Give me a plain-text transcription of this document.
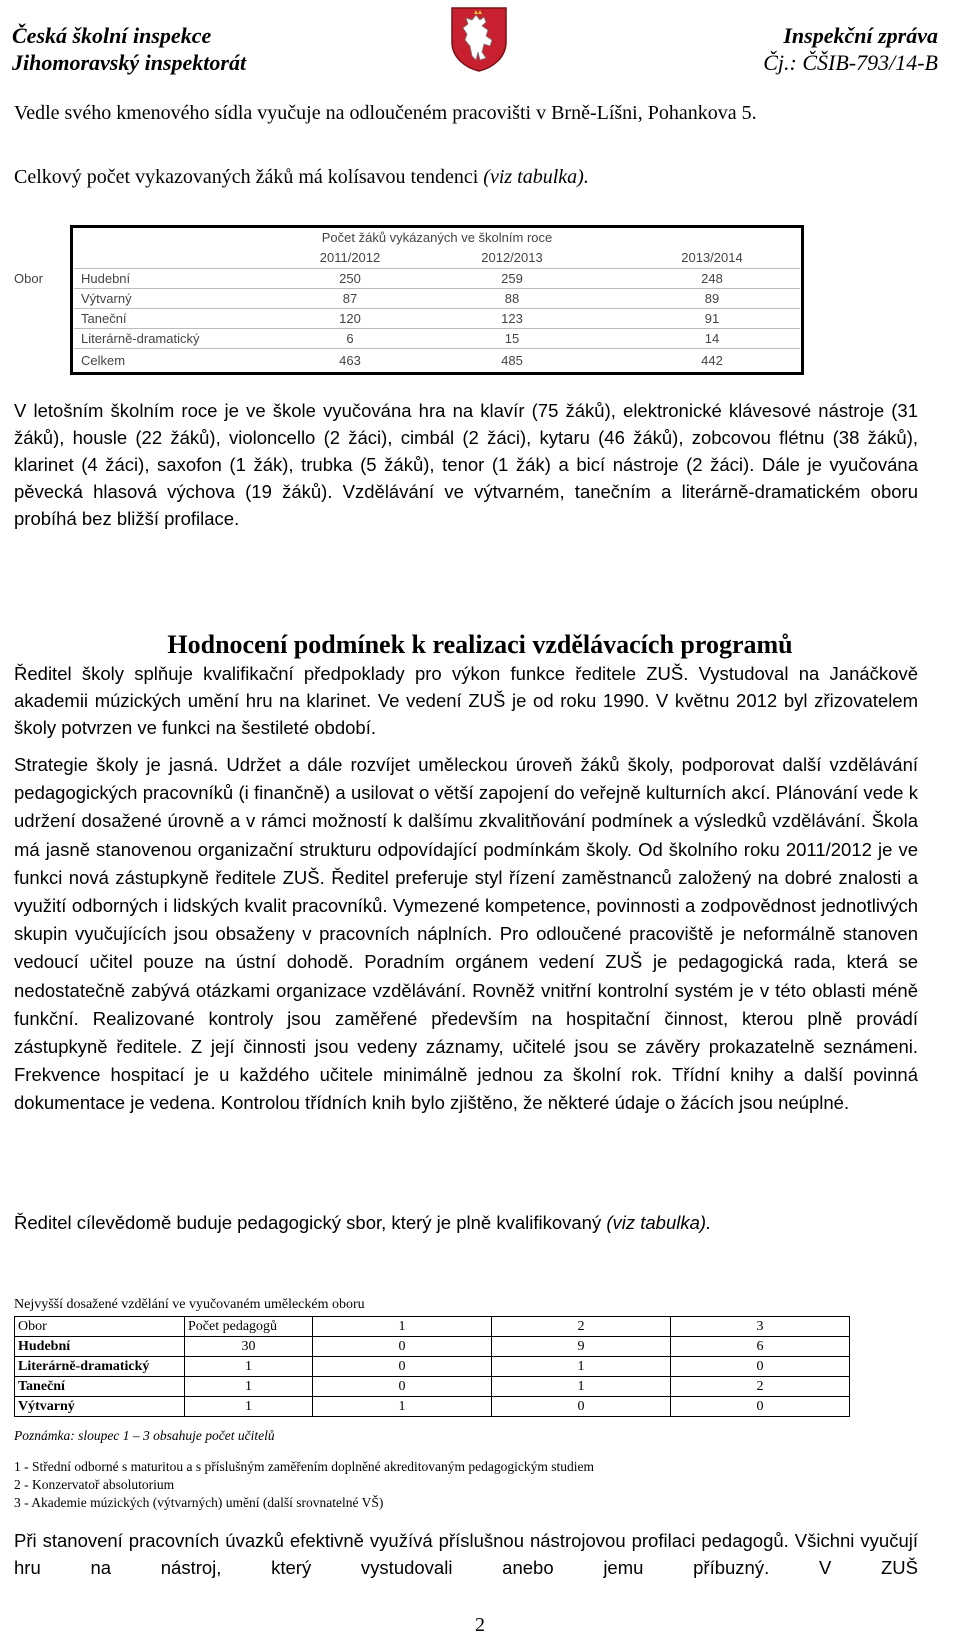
Česká školní inspekce
Jihomoravský inspektorát
Inspekční zpráva
Čj.: ČŠIB-793/14-B
Vedle svého kmenového sídla vyučuje na odloučeném pracovišti v Brně-Líšni, Pohankova 5.
Celkový počet vykazovaných žáků má kolísavou tendenci (viz tabulka).
Počet žáků vykázaných ve školním roce
2011/2012	2012/2013	2013/2014
Obor	Hudební	250	259	248
Výtvarný	87	88	89
Taneční	120	123	91
Literárně-dramatický	6	15	14
Celkem	463	485	442
V letošním školním roce je ve škole vyučována hra na klavír (75 žáků), elektronické klávesové nástroje (31 žáků), housle (22 žáků), violoncello (2 žáci), cimbál (2 žáci), kytaru (46 žáků), zobcovou flétnu (38 žáků), klarinet (4 žáci), saxofon (1 žák), trubka (5 žáků), tenor (1 žák) a bicí nástroje (2 žáci). Dále je vyučována pěvecká hlasová výchova (19 žáků). Vzdělávání ve výtvarném, tanečním a literárně-dramatickém oboru probíhá bez bližší profilace.
Hodnocení podmínek k realizaci vzdělávacích programů
Ředitel školy splňuje kvalifikační předpoklady pro výkon funkce ředitele ZUŠ. Vystudoval na Janáčkově akademii múzických umění hru na klarinet. Ve vedení ZUŠ je od roku 1990. V květnu 2012 byl zřizovatelem školy potvrzen ve funkci na šestileté období.
Strategie školy je jasná. Udržet a dále rozvíjet uměleckou úroveň žáků školy, podporovat další vzdělávání pedagogických pracovníků (i finančně) a usilovat o větší zapojení do veřejně kulturních akcí. Plánování vede k udržení dosažené úrovně a v rámci možností k dalšímu zkvalitňování podmínek a výsledků vzdělávání. Škola má jasně stanovenou organizační strukturu odpovídající podmínkám školy. Od školního roku 2011/2012 je ve funkci nová zástupkyně ředitele ZUŠ. Ředitel preferuje styl řízení zaměstnanců založený na dobré znalosti a využití odborných i lidských kvalit pracovníků. Vymezené kompetence, povinnosti a zodpovědnost jednotlivých skupin vyučujících jsou obsaženy v pracovních náplních. Pro odloučené pracoviště je neformálně stanoven vedoucí učitel pouze na ústní dohodě. Poradním orgánem vedení ZUŠ je pedagogická rada, která se nedostatečně zabývá otázkami organizace vzdělávání. Rovněž vnitřní kontrolní systém je v této oblasti méně funkční. Realizované kontroly jsou zaměřené především na hospitační činnost, kterou plně provádí zástupkyně ředitele. Z její činnosti jsou vedeny záznamy, učitelé jsou se závěry prokazatelně seznámeni. Frekvence hospitací je u každého učitele minimálně jednou za školní rok. Třídní knihy a další povinná dokumentace je vedena. Kontrolou třídních knih bylo zjištěno, že některé údaje o žácích jsou neúplné.
Ředitel cílevědomě buduje pedagogický sbor, který je plně kvalifikovaný (viz tabulka).
Nejvyšší dosažené vzdělání ve vyučovaném uměleckém oboru
Obor	Počet pedagogů	1	2	3
Hudební	30	0	9	6
Literárně-dramatický	1	0	1	0
Taneční	1	0	1	2
Výtvarný	1	1	0	0
Poznámka: sloupec 1 – 3 obsahuje počet učitelů
1 - Střední odborné s maturitou a s příslušným zaměřením doplněné akreditovaným pedagogickým studiem
2 - Konzervatoř absolutorium
3 - Akademie múzických (výtvarných) umění (další srovnatelné VŠ)
Při stanovení pracovních úvazků efektivně využívá příslušnou nástrojovou profilaci pedagogů. Všichni vyučují hru na nástroj, který vystudovali anebo jemu příbuzný. V ZUŠ
2
